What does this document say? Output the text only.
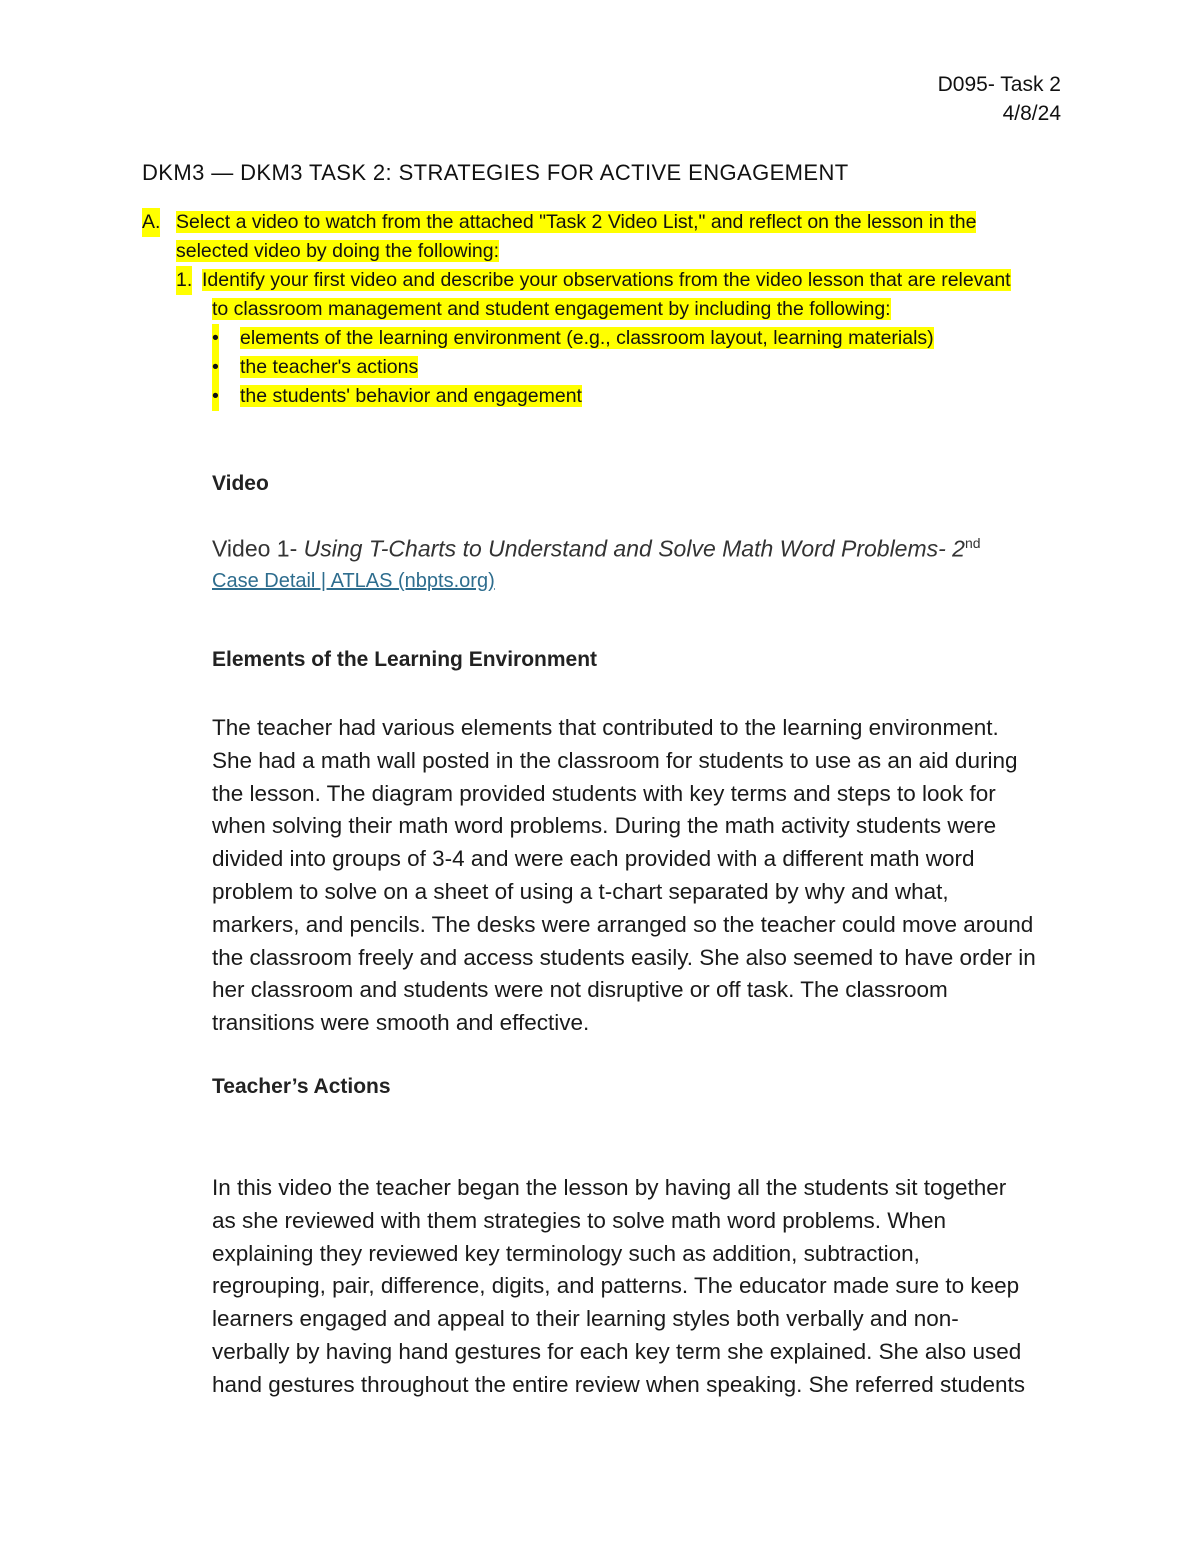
D095- Task 2
4/8/24
DKM3 — DKM3 TASK 2: STRATEGIES FOR ACTIVE ENGAGEMENT
A. Select a video to watch from the attached "Task 2 Video List," and reflect on the lesson in the
selected video by doing the following:
1. Identify your first video and describe your observations from the video lesson that are relevant
to classroom management and student engagement by including the following:
• elements of the learning environment (e.g., classroom layout, learning materials)
• the teacher's actions
• the students' behavior and engagement
Video
Video 1- Using T-Charts to Understand and Solve Math Word Problems- 2nd
Case Detail | ATLAS (nbpts.org)
Elements of the Learning Environment
The teacher had various elements that contributed to the learning environment.
She had a math wall posted in the classroom for students to use as an aid during
the lesson. The diagram provided students with key terms and steps to look for
when solving their math word problems. During the math activity students were
divided into groups of 3-4 and were each provided with a different math word
problem to solve on a sheet of using a t-chart separated by why and what,
markers, and pencils. The desks were arranged so the teacher could move around
the classroom freely and access students easily. She also seemed to have order in
her classroom and students were not disruptive or off task. The classroom
transitions were smooth and effective.
Teacher’s Actions
In this video the teacher began the lesson by having all the students sit together
as she reviewed with them strategies to solve math word problems. When
explaining they reviewed key terminology such as addition, subtraction,
regrouping, pair, difference, digits, and patterns. The educator made sure to keep
learners engaged and appeal to their learning styles both verbally and non-
verbally by having hand gestures for each key term she explained. She also used
hand gestures throughout the entire review when speaking. She referred students
